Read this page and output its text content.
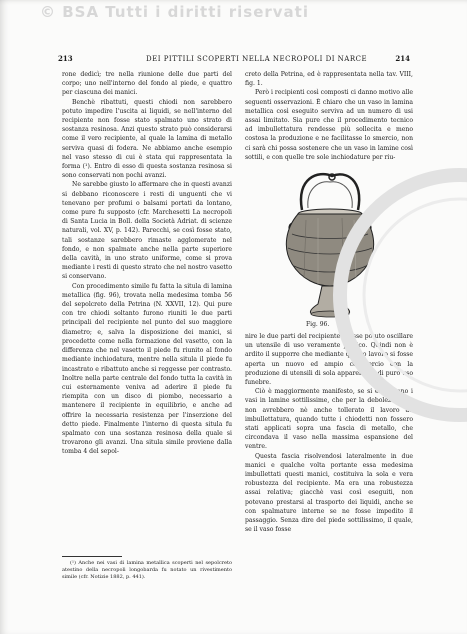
© BSA Tutti i diritti riservati
213	DEI PITTILI SCOPERTI NELLA NECROPOLI DI NARCE	214

rone dedicì; tre nella riunione delle due parti del corpo; uno nell'interno del fondo al piede, e quattro per ciascuna dei manici.

Benchè ribattuti, questi chiodi non sarebbero potuto impedire l'uscita ai liquidi, se nell'interno del recipiente non fosse stato spalmato uno strato di sostanza resinosa. Anzi questo strato può considerarsi come il vero recipiente, al quale la lamina di metallo serviva quasi di fodera. Ne abbiamo anche esempio nel vaso stesso di cui è stata qui rappresentata la forma (¹). Entro di esso di questa sostanza resinosa si sono conservati non pochi avanzi.

Ne sarebbe giusto lo affermare che in questi avanzi si debbano riconoscere i resti di unguenti che vi tenevano per profumi o balsami portati da lontano, come pure fu supposto (cfr. Marchesetti La necropoli di Santa Lucia in Boll. della Società Adriat. di scienze naturali, vol. XV, p. 142). Parecchi, se così fosse stato, tali sostanze sarebbero rimaste agglomerate nel fondo, e non spalmate anche nella parte superiore della cavità, in uno strato uniforme, come si prova mediante i resti di questo strato che nel nostro vasetto si conservano.

Con procedimento simile fu fatta la situla di lamina metallica (fig. 96), trovata nella medesima tomba 56 del sepolcreto della Petrina (N. XXVII, 12). Qui pure con tre chiodi soltanto furono riuniti le due parti principali del recipiente nel punto del suo maggiore diametro; e, salva la disposizione dei manici, si procedette come nella formazione del vasetto, con la differenza che nel vasetto il piede fu riunito al fondo mediante inchiodatura, mentre nella situla il piede fu incastrato e ribattuto anche si reggesse per contrasto. Inoltre nella parte centrale del fondo tutta la cavità in cui esternamente veniva ad aderire il piede fu riempita con un disco di piombo, necessario a mantenere il recipiente in equilibrio, e anche ad offrire la necessaria resistenza per l'inserzione del detto piede. Finalmente l'interno di questa situla fu spalmato con una sostanza resinosa della quale si trovarono gli avanzi. Una situla simile proviene dalla tomba 4 del sepol-

creto della Petrina, ed è rappresentata nella tav. VIII, fig. 1.

Però i recipienti così composti ci danno motivo alle seguenti osservazioni. È chiaro che un vaso in lamina metallica così eseguito serviva ad un numero di usi assai limitato. Sia pure che il procedimento tecnico ad imbullettatura rendesse più sollecita e meno costosa la produzione e ne facilitasse lo smercio, non ci sarà chi possa sostenere che un vaso in lamine così sottili, e con quelle tre sole inchiodature per riu-

Fig. 96. 1:4

nire le due parti del recipiente avesse potuto oscillare un utensile di uso veramente pratico. Quindi non è ardito il supporre che mediante questo lavoro si fosse aperta un nuovo ed ampio commercio con la produzione di utensili di sola apparenza e di puro uso funebre.

Ciò è maggiormente manifesto, se si esaminano i vasi in lamine sottilissime, che per la debolezza loro non avrebbero nè anche tollerato il lavoro ad imbullettatura, quando tutte i chiodetti non fossero stati applicati sopra una fascia di metallo, che circondava il vaso nella massima espansione del ventre.

Questa fascia risolvendosi lateralmente in due manici e qualche volta portante essa medesima imbullettati questi manici, costituiva la sola e vera robustezza del recipiente. Ma era una robustezza assai relativa; giacchè vasi così eseguiti, non potevano prestarsi al trasporto dei liquidi, anche se con spalmature interne se ne fosse impedito il passaggio. Senza dire del piede sottilissimo, il quale, se il vaso fosse

(¹) Anche nei vasi di lamina metallica scoperti nel sepolcreto atestino della necropoli longobarda fu notato un rivestimento simile (cfr. Notizie 1882, p. 441).
